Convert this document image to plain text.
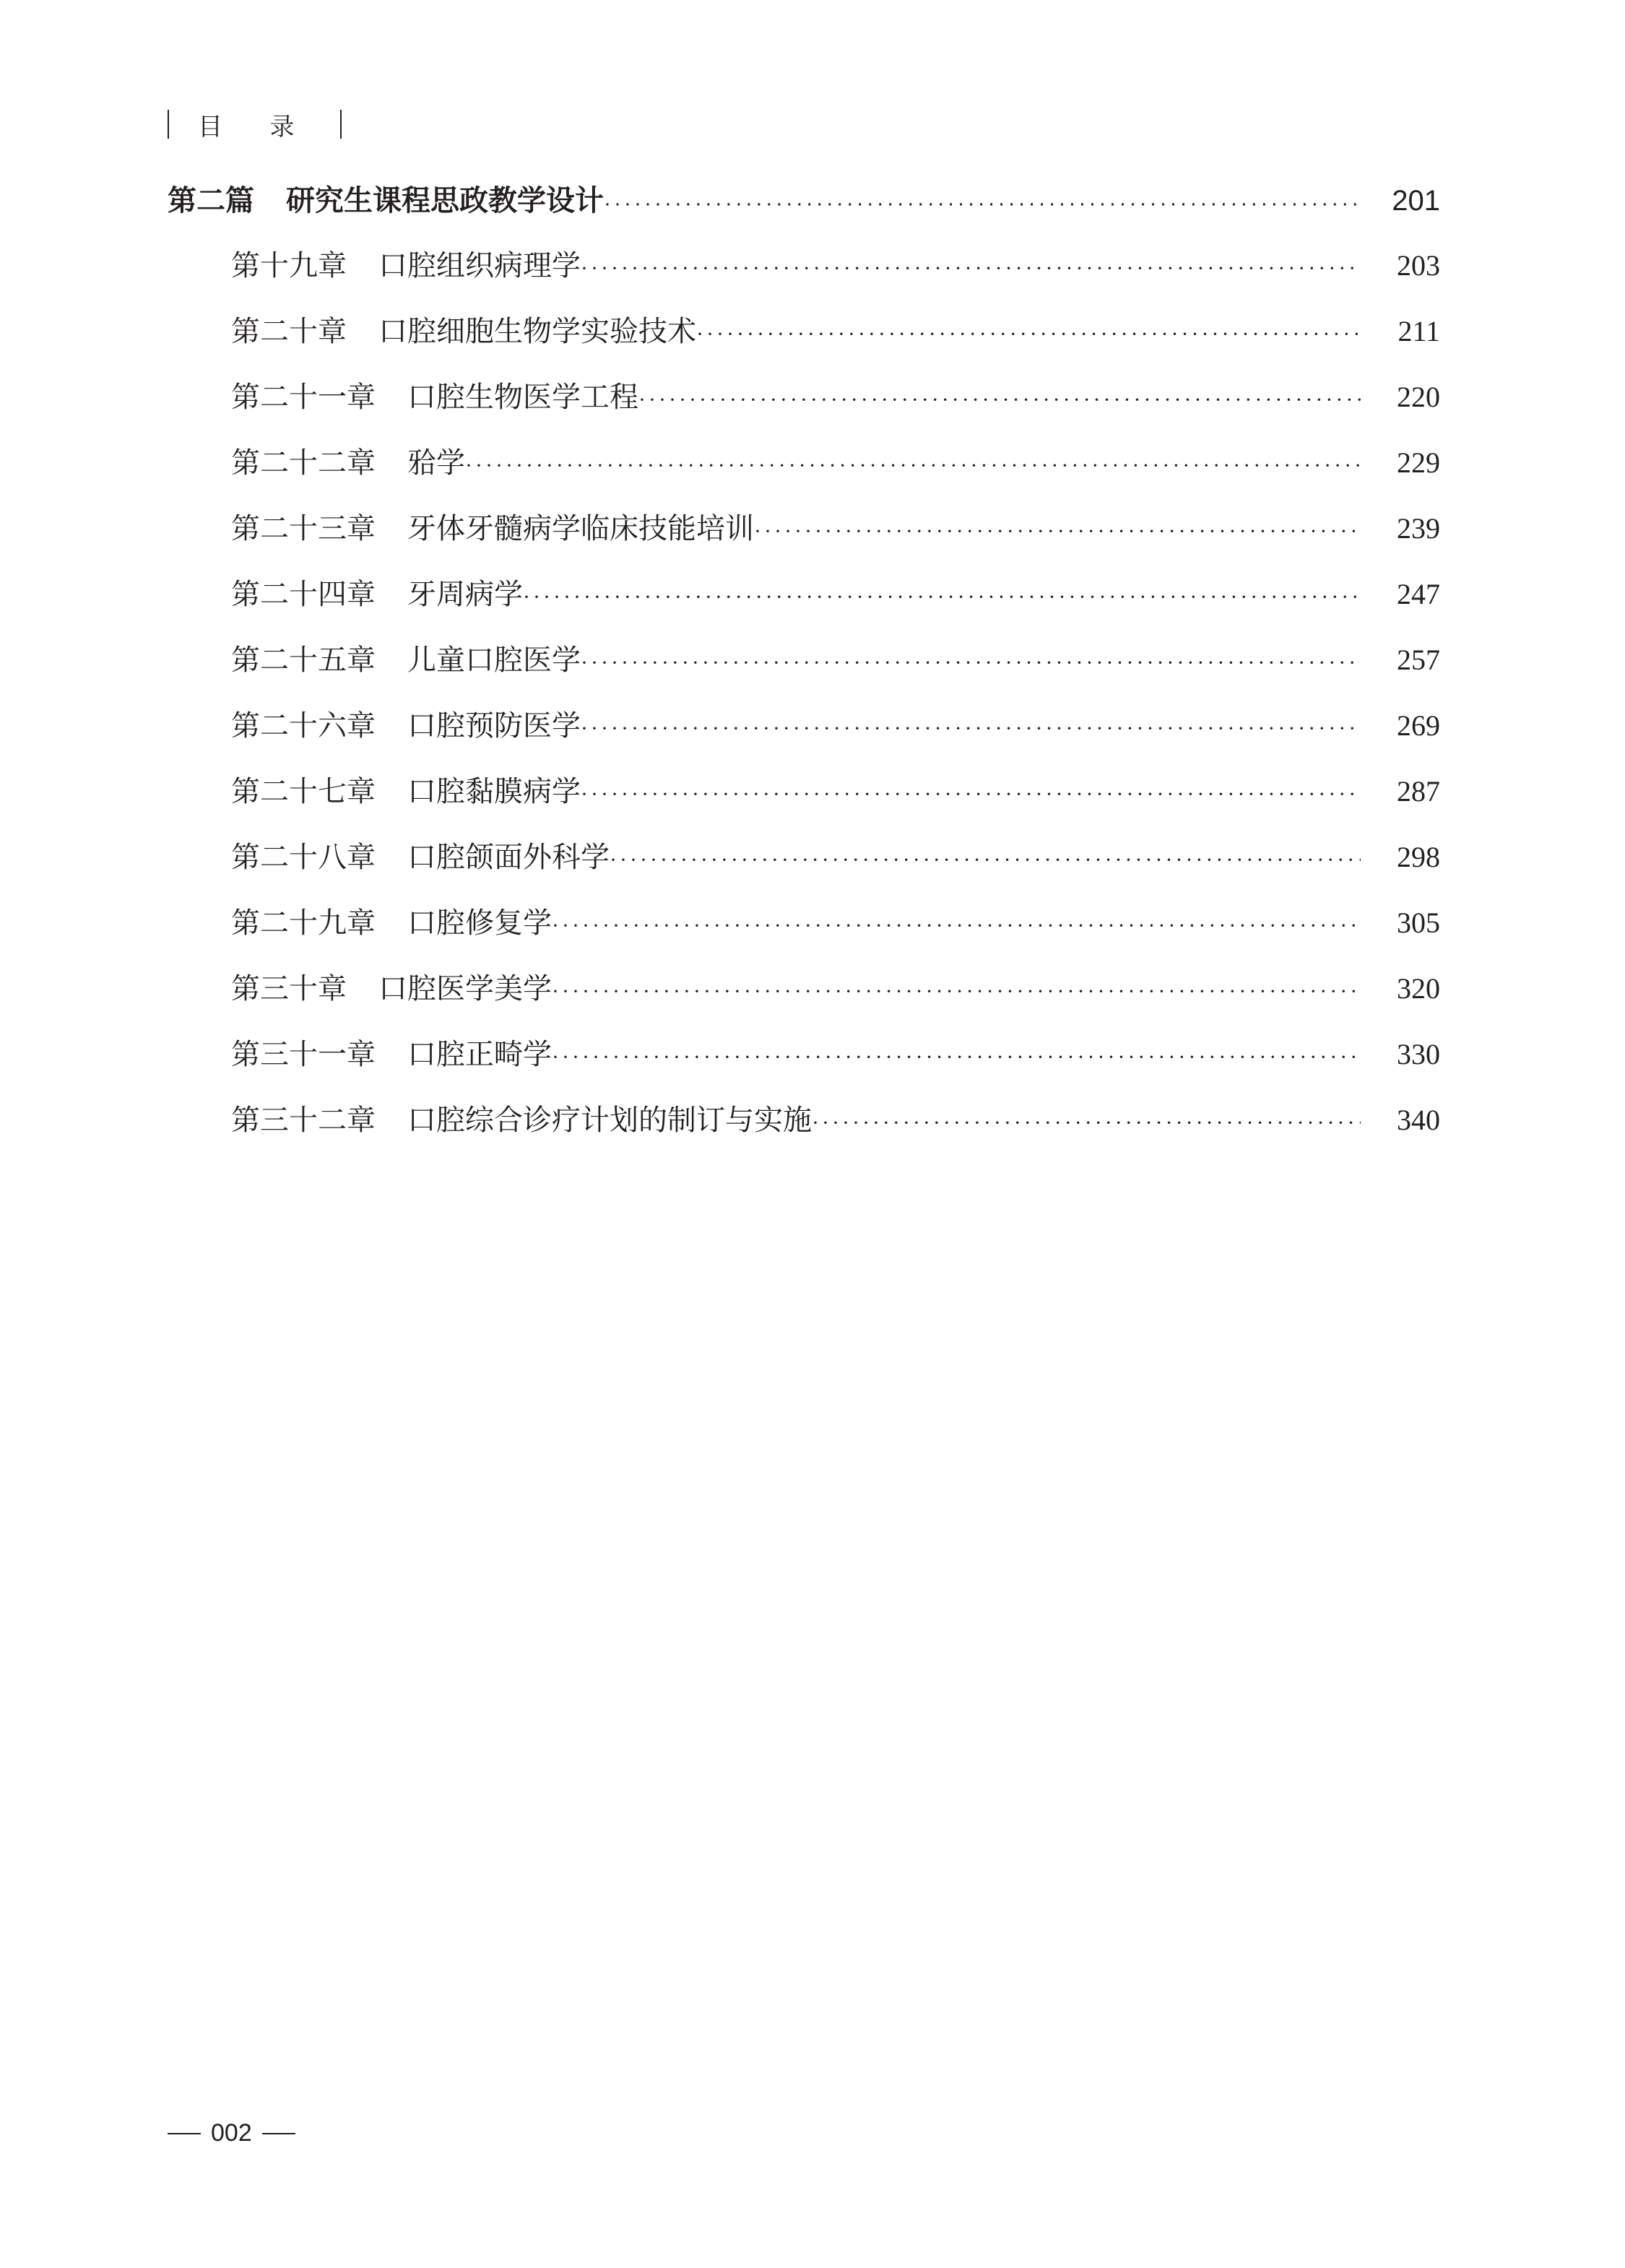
目 录
第二篇 研究生课程思政教学设计 ·····	201
第十九章 口腔组织病理学 ·····	203
第二十章 口腔细胞生物学实验技术 ·····	211
第二十一章 口腔生物医学工程 ·····	220
第二十二章 𬌗学 ·····	229
第二十三章 牙体牙髓病学临床技能培训 ·····	239
第二十四章 牙周病学 ·····	247
第二十五章 儿童口腔医学 ·····	257
第二十六章 口腔预防医学 ·····	269
第二十七章 口腔黏膜病学 ·····	287
第二十八章 口腔颌面外科学 ·····	298
第二十九章 口腔修复学 ·····	305
第三十章 口腔医学美学 ·····	320
第三十一章 口腔正畸学 ·····	330
第三十二章 口腔综合诊疗计划的制订与实施 ·····	340
002
